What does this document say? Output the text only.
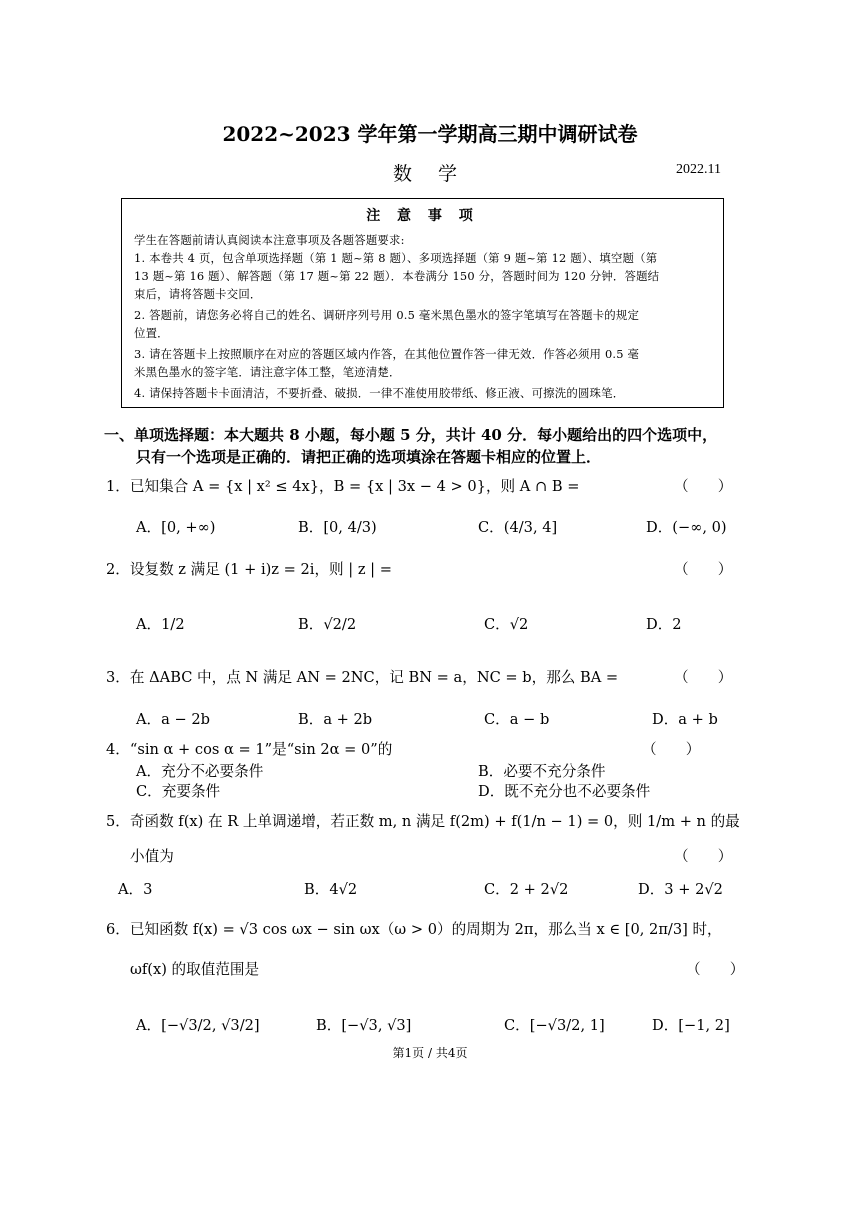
2022~2023 学年第一学期高三期中调研试卷
数 学	2022.11
注 意 事 项
学生在答题前请认真阅读本注意事项及各题答题要求:
1. 本卷共 4 页，包含单项选择题（第 1 题~第 8 题）、多项选择题（第 9 题~第 12 题）、填空题（第
13 题~第 16 题）、解答题（第 17 题~第 22 题）．本卷满分 150 分，答题时间为 120 分钟．答题结
束后，请将答题卡交回．
2. 答题前，请您务必将自己的姓名、调研序列号用 0.5 毫米黑色墨水的签字笔填写在答题卡的规定
位置．
3. 请在答题卡上按照顺序在对应的答题区域内作答，在其他位置作答一律无效．作答必须用 0.5 毫
米黑色墨水的签字笔．请注意字体工整，笔迹清楚．
4. 请保持答题卡卡面清洁，不要折叠、破损．一律不准使用胶带纸、修正液、可擦洗的圆珠笔．
一、单项选择题：本大题共 8 小题，每小题 5 分，共计 40 分．每小题给出的四个选项中，
只有一个选项是正确的．请把正确的选项填涂在答题卡相应的位置上．
1．已知集合 A = {x | x² ≤ 4x}，B = {x | 3x − 4 > 0}，则 A ∩ B =	（　　）
A．[0, +∞)	B．[0, 4/3)	C．(4/3, 4]	D．(−∞, 0)
2．设复数 z 满足 (1 + i)z = 2i，则 | z | =	（　　）
A．1/2	B．√2/2	C．√2	D．2
3．在 ΔABC 中，点 N 满足 AN = 2NC，记 BN = a，NC = b，那么 BA =	（　　）
A．a − 2b	B．a + 2b	C．a − b	D．a + b
4．“sin α + cos α = 1”是“sin 2α = 0”的	（　　）
A．充分不必要条件	B．必要不充分条件
C．充要条件	D．既不充分也不必要条件
5．奇函数 f(x) 在 R 上单调递增，若正数 m, n 满足 f(2m) + f(1/n − 1) = 0，则 1/m + n 的最
小值为	（　　）
A．3	B．4√2	C．2 + 2√2	D．3 + 2√2
6．已知函数 f(x) = √3 cos ωx − sin ωx（ω > 0）的周期为 2π，那么当 x ∈ [0, 2π/3] 时，
ωf(x) 的取值范围是	（　　）
A．[−√3/2, √3/2]	B．[−√3, √3]	C．[−√3/2, 1]	D．[−1, 2]
第1页 / 共4页
